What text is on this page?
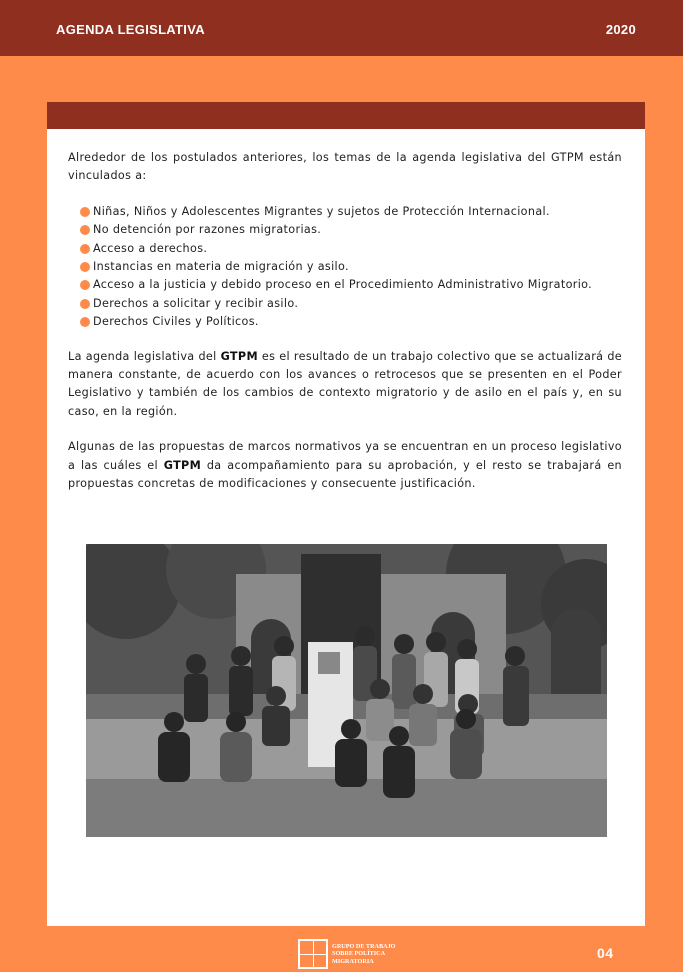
AGENDA LEGISLATIVA	2020

Alrededor de los postulados anteriores, los temas de la agenda legislativa del GTPM están vinculados a:

Niñas, Niños y Adolescentes Migrantes y sujetos de Protección Internacional.
No detención por razones migratorias.
Acceso a derechos.
Instancias en materia de migración y asilo.
Acceso a la justicia y debido proceso en el Procedimiento Administrativo Migratorio.
Derechos a solicitar y recibir asilo.
Derechos Civiles y Políticos.

La agenda legislativa del GTPM es el resultado de un trabajo colectivo que se actualizará de manera constante, de acuerdo con los avances o retrocesos que se presenten en el Poder Legislativo y también de los cambios de contexto migratorio y de asilo en el país y, en su caso, en la región.

Algunas de las propuestas de marcos normativos ya se encuentran en un proceso legislativo a las cuáles el GTPM da acompañamiento para su aprobación, y el resto se trabajará en propuestas concretas de modificaciones y consecuente justificación.

GRUPO DE TRABAJO
SOBRE POLÍTICA
MIGRATORIA
04
